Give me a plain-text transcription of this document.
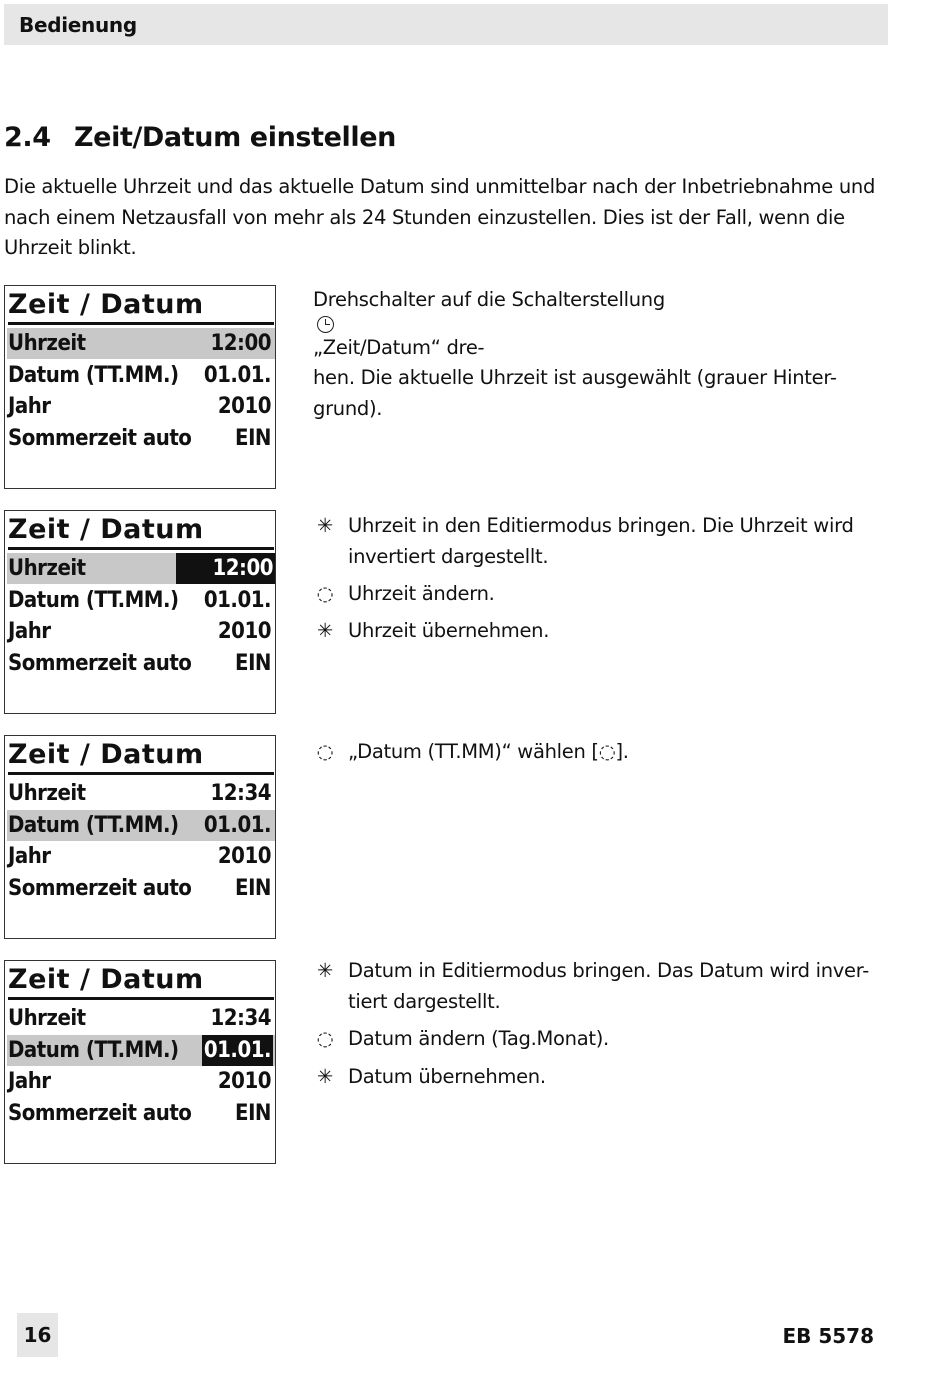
Bedienung
2.4 Zeit/Datum einstellen
Die aktuelle Uhrzeit und das aktuelle Datum sind unmittelbar nach der Inbetriebnahme und
nach einem Netzausfall von mehr als 24 Stunden einzustellen. Dies ist der Fall, wenn die
Uhrzeit blinkt.
Zeit / Datum
Uhrzeit	12:00
Datum (TT.MM.) 01.01.
Jahr	2010
Sommerzeit auto EIN
Drehschalter auf die Schalterstellung
„Zeit/Datum“ dre-
hen. Die aktuelle Uhrzeit ist ausgewählt (grauer Hinter-
grund).
Zeit / Datum
Uhrzeit	12:00
Datum (TT.MM.) 01.01.
Jahr	2010
Sommerzeit auto EIN
✳ Uhrzeit in den Editiermodus bringen. Die Uhrzeit wird
invertiert dargestellt.
◌ Uhrzeit ändern.
✳ Uhrzeit übernehmen.
Zeit / Datum
Uhrzeit	12:34
Datum (TT.MM.) 01.01.
Jahr	2010
Sommerzeit auto EIN
◌ „Datum (TT.MM)“ wählen [◌].
Zeit / Datum
Uhrzeit	12:34
Datum (TT.MM.) 01.01.
Jahr	2010
Sommerzeit auto EIN
✳ Datum in Editiermodus bringen. Das Datum wird inver-
tiert dargestellt.
◌ Datum ändern (Tag.Monat).
✳ Datum übernehmen.
16	EB 5578
